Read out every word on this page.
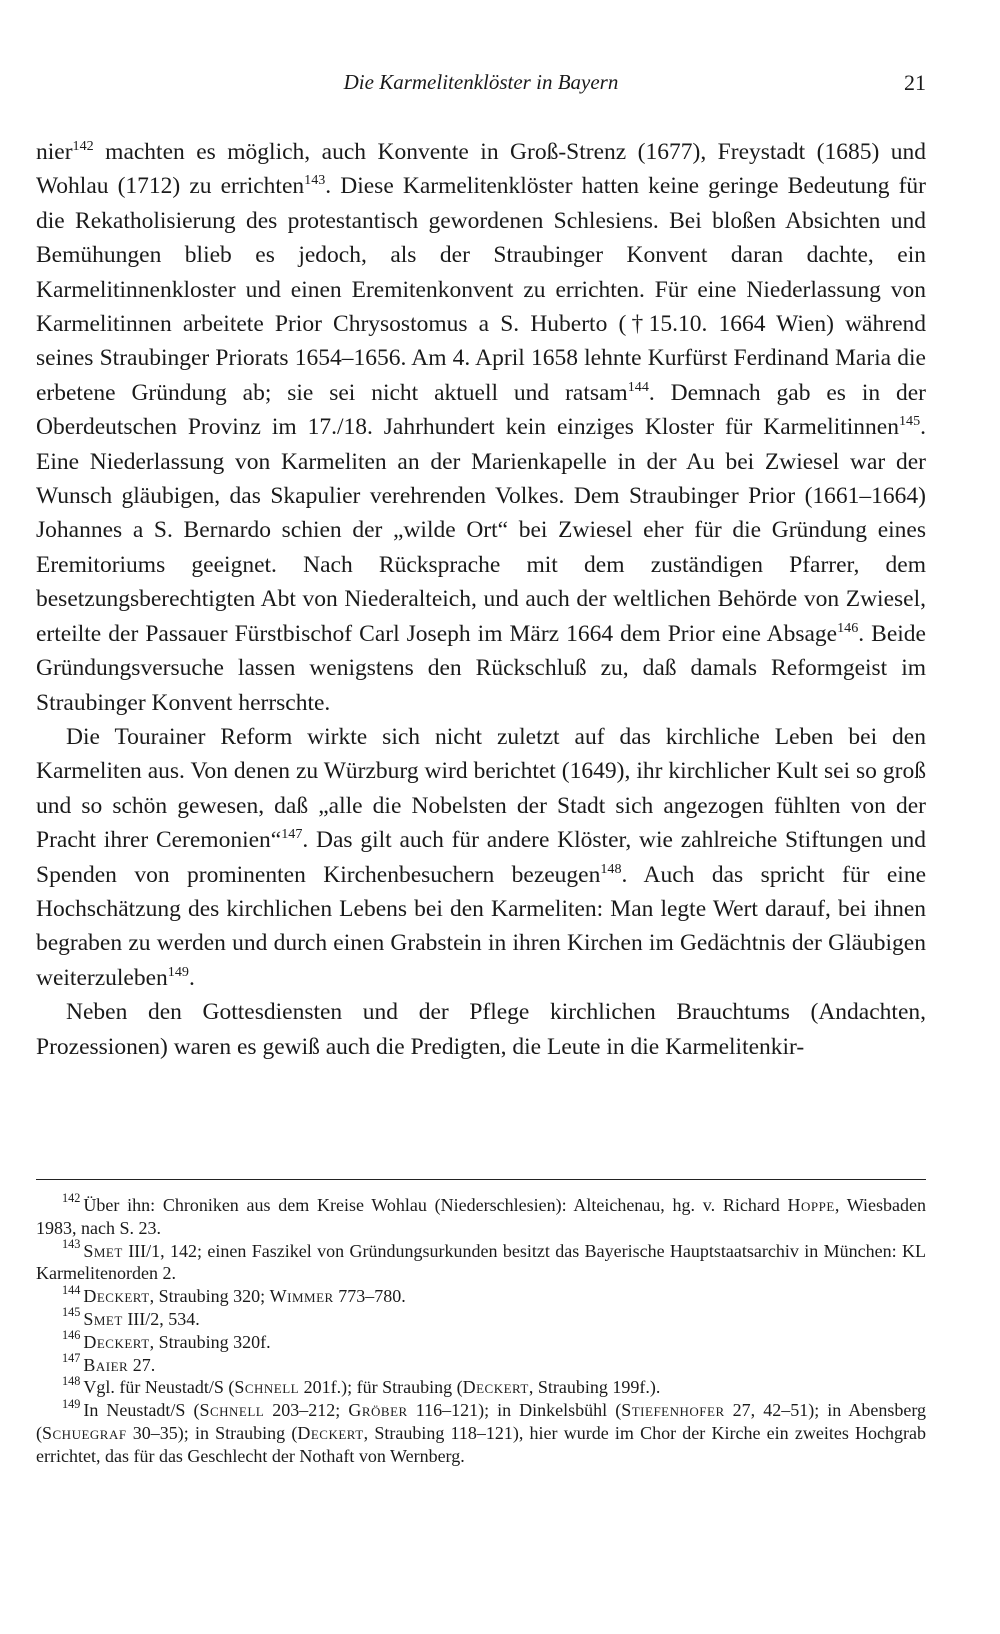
Die Karmelitenklöster in Bayern	21

nier$^{142}$ machten es möglich, auch Konvente in Groß-Strenz (1677), Freystadt (1685) und Wohlau (1712) zu errichten$^{143}$. Diese Karmelitenklöster hatten keine geringe Bedeutung für die Rekatholisierung des protestantisch gewordenen Schlesiens. Bei bloßen Absichten und Bemühungen blieb es jedoch, als der Straubinger Konvent daran dachte, ein Karmelitinnenkloster und einen Eremitenkonvent zu errichten. Für eine Niederlassung von Karmelitinnen arbeitete Prior Chrysostomus a S. Huberto (†15.10. 1664 Wien) während seines Straubinger Priorats 1654–1656. Am 4. April 1658 lehnte Kurfürst Ferdinand Maria die erbetene Gründung ab; sie sei nicht aktuell und ratsam$^{144}$. Demnach gab es in der Oberdeutschen Provinz im 17./18. Jahrhundert kein einziges Kloster für Karmelitinnen$^{145}$. Eine Niederlassung von Karmeliten an der Marienkapelle in der Au bei Zwiesel war der Wunsch gläubigen, das Skapulier verehrenden Volkes. Dem Straubinger Prior (1661–1664) Johannes a S. Bernardo schien der „wilde Ort“ bei Zwiesel eher für die Gründung eines Eremitoriums geeignet. Nach Rücksprache mit dem zuständigen Pfarrer, dem besetzungsberechtigten Abt von Niederalteich, und auch der weltlichen Behörde von Zwiesel, erteilte der Passauer Fürstbischof Carl Joseph im März 1664 dem Prior eine Absage$^{146}$. Beide Gründungsversuche lassen wenigstens den Rückschluß zu, daß damals Reformgeist im Straubinger Konvent herrschte.

Die Tourainer Reform wirkte sich nicht zuletzt auf das kirchliche Leben bei den Karmeliten aus. Von denen zu Würzburg wird berichtet (1649), ihr kirchlicher Kult sei so groß und so schön gewesen, daß „alle die Nobelsten der Stadt sich angezogen fühlten von der Pracht ihrer Ceremonien“$^{147}$. Das gilt auch für andere Klöster, wie zahlreiche Stiftungen und Spenden von prominenten Kirchenbesuchern bezeugen$^{148}$. Auch das spricht für eine Hochschätzung des kirchlichen Lebens bei den Karmeliten: Man legte Wert darauf, bei ihnen begraben zu werden und durch einen Grabstein in ihren Kirchen im Gedächtnis der Gläubigen weiterzuleben$^{149}$.

Neben den Gottesdiensten und der Pflege kirchlichen Brauchtums (Andachten, Prozessionen) waren es gewiß auch die Predigten, die Leute in die Karmelitenkir-

$^{142}$ Über ihn: Chroniken aus dem Kreise Wohlau (Niederschlesien): Alteichenau, hg. v. Richard Hoppe, Wiesbaden 1983, nach S. 23.

$^{143}$ Smet III/1, 142; einen Faszikel von Gründungsurkunden besitzt das Bayerische Hauptstaatsarchiv in München: KL Karmelitenorden 2.

$^{144}$ Deckert, Straubing 320; Wimmer 773–780.

$^{145}$ Smet III/2, 534.

$^{146}$ Deckert, Straubing 320f.

$^{147}$ Baier 27.

$^{148}$ Vgl. für Neustadt/S (Schnell 201f.); für Straubing (Deckert, Straubing 199f.).

$^{149}$ In Neustadt/S (Schnell 203–212; Gröber 116–121); in Dinkelsbühl (Stiefenhofer 27, 42–51); in Abensberg (Schuegraf 30–35); in Straubing (Deckert, Straubing 118–121), hier wurde im Chor der Kirche ein zweites Hochgrab errichtet, das für das Geschlecht der Nothaft von Wernberg.
